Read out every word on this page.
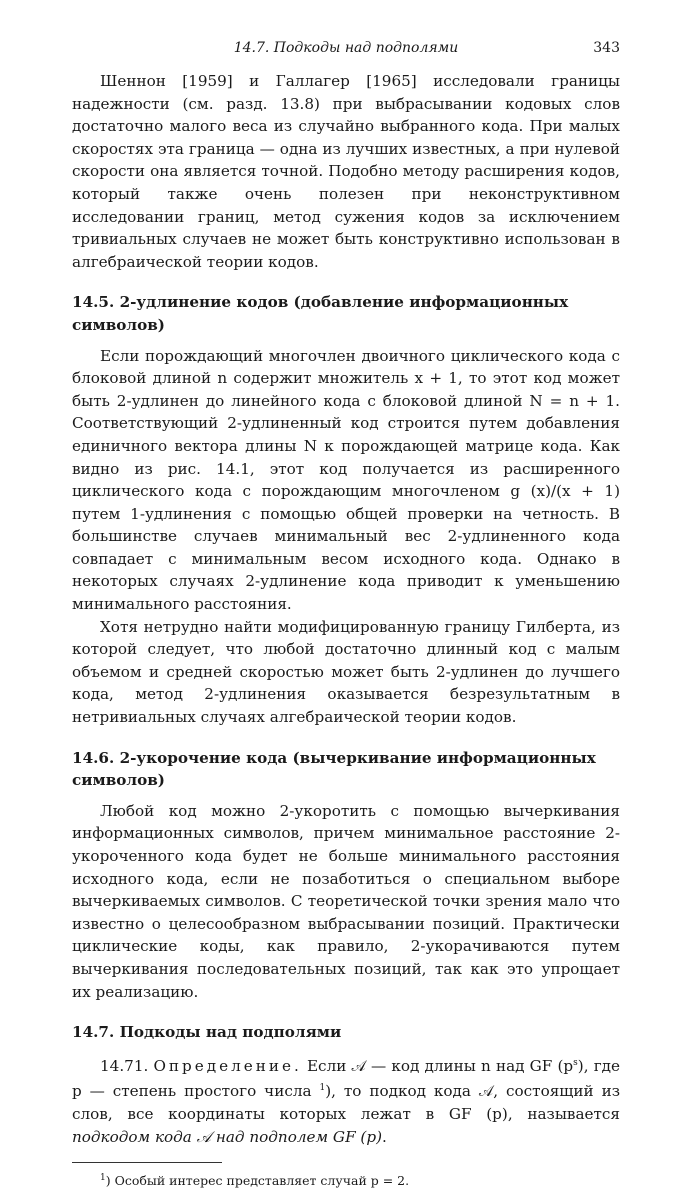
14.7. Подкоды над подполями	343

Шеннон [1959] и Галлагер [1965] исследовали границы надежности (см. разд. 13.8) при выбрасывании кодовых слов достаточно малого веса из случайно выбранного кода. При малых скоростях эта граница — одна из лучших известных, а при нулевой скорости она является точной. Подобно методу расширения кодов, который также очень полезен при неконструктивном исследовании границ, метод сужения кодов за исключением тривиальных случаев не может быть конструктивно использован в алгебраической теории кодов.

14.5. 2-удлинение кодов (добавление информационных символов)

Если порождающий многочлен двоичного циклического кода с блоковой длиной n содержит множитель x + 1, то этот код может быть 2-удлинен до линейного кода с блоковой длиной N = n + 1. Соответствующий 2-удлиненный код строится путем добавления единичного вектора длины N к порождающей матрице кода. Как видно из рис. 14.1, этот код получается из расширенного циклического кода с порождающим многочленом g (x)/(x + 1) путем 1-удлинения с помощью общей проверки на четность. В большинстве случаев минимальный вес 2-удлиненного кода совпадает с минимальным весом исходного кода. Однако в некоторых случаях 2-удлинение кода приводит к уменьшению минимального расстояния.

Хотя нетрудно найти модифицированную границу Гилберта, из которой следует, что любой достаточно длинный код с малым объемом и средней скоростью может быть 2-удлинен до лучшего кода, метод 2-удлинения оказывается безрезультатным в нетривиальных случаях алгебраической теории кодов.

14.6. 2-укорочение кода (вычеркивание информационных символов)

Любой код можно 2-укоротить с помощью вычеркивания информационных символов, причем минимальное расстояние 2-укороченного кода будет не больше минимального расстояния исходного кода, если не позаботиться о специальном выборе вычеркиваемых символов. С теоретической точки зрения мало что известно о целесообразном выбрасывании позиций. Практически циклические коды, как правило, 2-укорачиваются путем вычеркивания последовательных позиций, так как это упрощает их реализацию.

14.7. Подкоды над подполями

14.71. Определение. Если 𝒜 — код длины n над GF $(p^s)$, где p — степень простого числа $^1$), то подкод кода 𝒜, состоящий из слов, все координаты которых лежат в GF (p), называется подкодом кода 𝒜 над подполем GF (p).

$^1$) Особый интерес представляет случай p = 2.
